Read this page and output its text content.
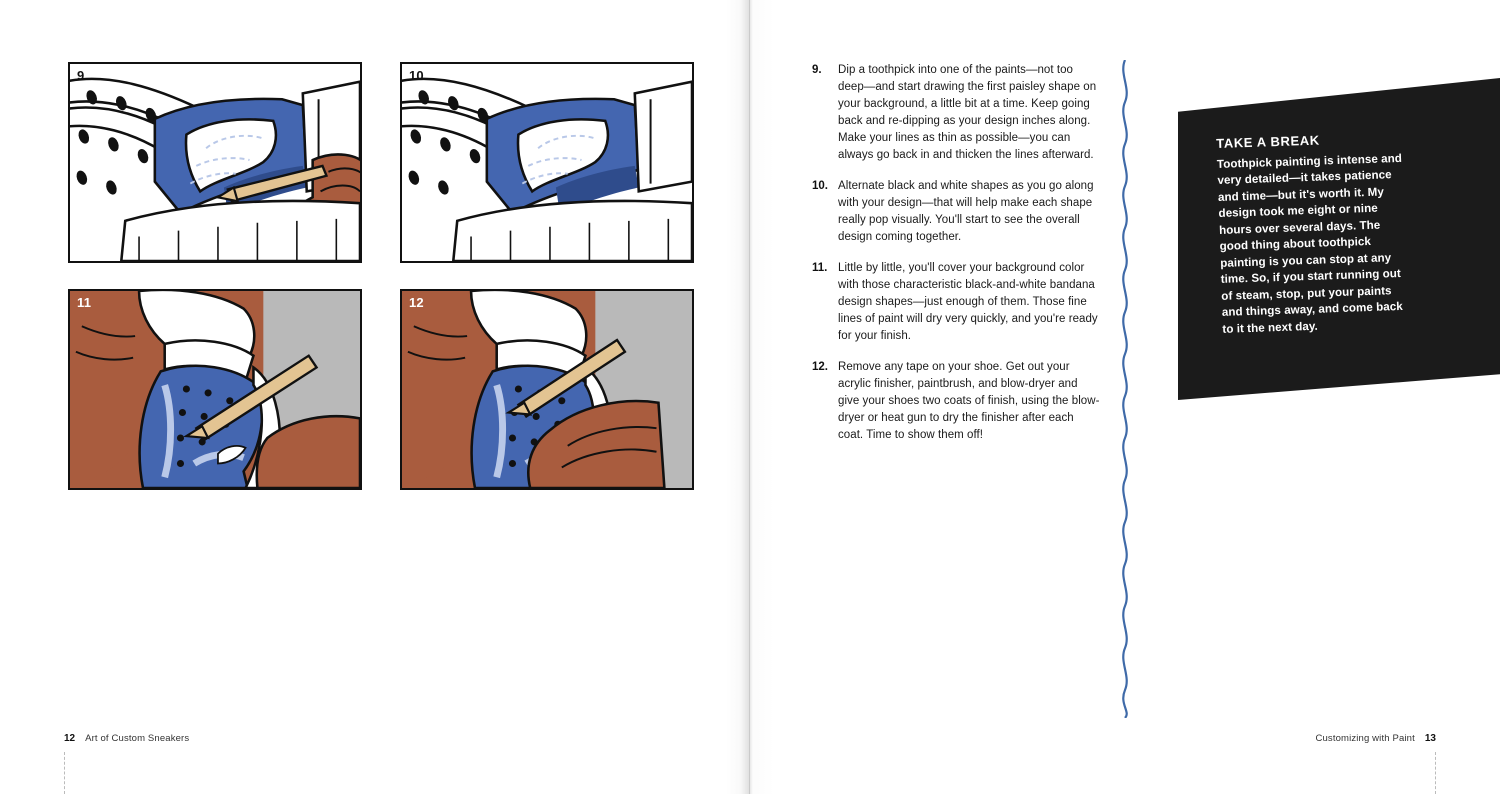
9	10
11	12
12 Art of Custom Sneakers	Customizing with Paint 13
9.	Dip a toothpick into one of the paints—not too deep—and start drawing the first paisley shape on your background, a little bit at a time. Keep going back and re-dipping as your design inches along. Make your lines as thin as possible—you can always go back in and thicken the lines afterward.
10. Alternate black and white shapes as you go along with your design—that will help make each shape really pop visually. You'll start to see the overall design coming together.
11. Little by little, you'll cover your background color with those characteristic black-and-white bandana design shapes—just enough of them. Those fine lines of paint will dry very quickly, and you're ready for your finish.
12. Remove any tape on your shoe. Get out your acrylic finisher, paintbrush, and blow-dryer and give your shoes two coats of finish, using the blow-dryer or heat gun to dry the finisher after each coat. Time to show them off!
TAKE A BREAK
Toothpick painting is intense and very detailed—it takes patience and time—but it's worth it. My design took me eight or nine hours over several days. The good thing about toothpick painting is you can stop at any time. So, if you start running out of steam, stop, put your paints and things away, and come back to it the next day.
